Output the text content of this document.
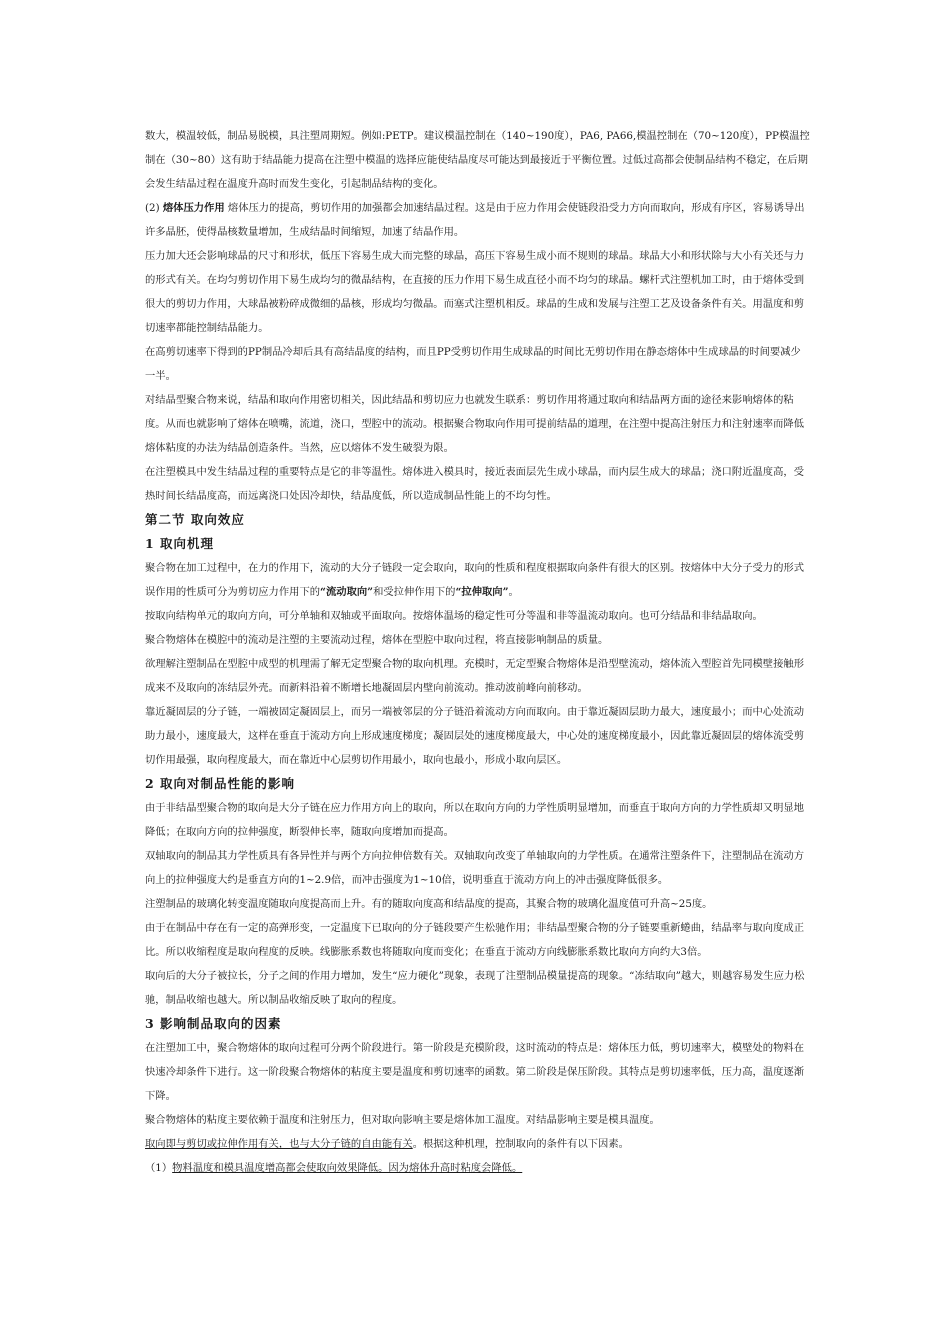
数大，模温较低，制品易脱模，具注塑周期短。例如:PETP。建议模温控制在（140~190度），PA6, PA66,模温控制在（70~120度），PP模温控制在（30~80）这有助于结晶能力提高在注塑中模温的选择应能使结晶度尽可能达到最接近于平衡位置。过低过高都会使制品结构不稳定，在后期会发生结晶过程在温度升高时而发生变化，引起制品结构的变化。

(2) 熔体压力作用 熔体压力的提高，剪切作用的加强都会加速结晶过程。这是由于应力作用会使链段沿受力方向而取向，形成有序区，容易诱导出许多晶胚，使得晶核数量增加，生成结晶时间缩短，加速了结晶作用。

压力加大还会影响球晶的尺寸和形状，低压下容易生成大而完整的球晶，高压下容易生成小而不规则的球晶。球晶大小和形状除与大小有关还与力的形式有关。在均匀剪切作用下易生成均匀的微晶结构，在直接的压力作用下易生成直径小而不均匀的球晶。螺杆式注塑机加工时，由于熔体受到很大的剪切力作用，大球晶被粉碎成微细的晶核，形成均匀微晶。而塞式注塑机相反。球晶的生成和发展与注塑工艺及设备条件有关。用温度和剪切速率都能控制结晶能力。

在高剪切速率下得到的PP制品冷却后具有高结晶度的结构，而且PP受剪切作用生成球晶的时间比无剪切作用在静态熔体中生成球晶的时间要减少一半。

对结晶型聚合物来说，结晶和取向作用密切相关，因此结晶和剪切应力也就发生联系：剪切作用将通过取向和结晶两方面的途径来影响熔体的粘度。从而也就影响了熔体在喷嘴，流道，浇口，型腔中的流动。根据聚合物取向作用可提前结晶的道理，在注塑中提高注射压力和注射速率而降低熔体粘度的办法为结晶创造条件。当然，应以熔体不发生破裂为限。

在注塑模具中发生结晶过程的重要特点是它的非等温性。熔体进入模具时，接近表面层先生成小球晶，而内层生成大的球晶；浇口附近温度高，受热时间长结晶度高，而远离浇口处因冷却快，结晶度低，所以造成制品性能上的不均匀性。

第二节 取向效应

1 取向机理

聚合物在加工过程中，在力的作用下，流动的大分子链段一定会取向，取向的性质和程度根据取向条件有很大的区别。按熔体中大分子受力的形式误作用的性质可分为剪切应力作用下的“流动取向”和受拉伸作用下的“拉伸取向”。

按取向结构单元的取向方向，可分单轴和双轴或平面取向。按熔体温场的稳定性可分等温和非等温流动取向。也可分结晶和非结晶取向。

聚合物熔体在模腔中的流动是注塑的主要流动过程，熔体在型腔中取向过程，将直接影响制品的质量。

欲理解注塑制品在型腔中成型的机理需了解无定型聚合物的取向机理。充模时，无定型聚合物熔体是沿型壁流动，熔体流入型腔首先同模壁接触形成来不及取向的冻结层外壳。而新料沿着不断增长地凝固层内壁向前流动。推动波前峰向前移动。

靠近凝固层的分子链，一端被固定凝固层上，而另一端被邻层的分子链沿着流动方向而取向。由于靠近凝固层助力最大，速度最小；而中心处流动助力最小，速度最大，这样在垂直于流动方向上形成速度梯度；凝固层处的速度梯度最大，中心处的速度梯度最小，因此靠近凝固层的熔体流受剪切作用最强，取向程度最大，而在靠近中心层剪切作用最小，取向也最小，形成小取向层区。

2 取向对制品性能的影响

由于非结晶型聚合物的取向是大分子链在应力作用方向上的取向，所以在取向方向的力学性质明显增加，而垂直于取向方向的力学性质却又明显地降低；在取向方向的拉伸强度，断裂伸长率，随取向度增加而提高。

双轴取向的制品其力学性质具有各异性并与两个方向拉伸倍数有关。双轴取向改变了单轴取向的力学性质。在通常注塑条件下，注塑制品在流动方向上的拉伸强度大约是垂直方向的1~2.9倍，而冲击强度为1~10倍，说明垂直于流动方向上的冲击强度降低很多。

注塑制品的玻璃化转变温度随取向度提高而上升。有的随取向度高和结晶度的提高，其聚合物的玻璃化温度值可升高~25度。

由于在制品中存在有一定的高弹形变，一定温度下已取向的分子链段要产生松驰作用；非结晶型聚合物的分子链要重新蜷曲，结晶率与取向度成正比。所以收缩程度是取向程度的反映。线膨胀系数也将随取向度而变化；在垂直于流动方向线膨胀系数比取向方向约大3倍。

取向后的大分子被拉长，分子之间的作用力增加，发生“应力硬化”现象，表现了注塑制品模量提高的现象。“冻结取向”越大，则越容易发生应力松驰，制品收缩也越大。所以制品收缩反映了取向的程度。

3 影响制品取向的因素

在注塑加工中，聚合物熔体的取向过程可分两个阶段进行。第一阶段是充模阶段，这时流动的特点是：熔体压力低，剪切速率大，模壁处的物料在快速冷却条件下进行。这一阶段聚合物熔体的粘度主要是温度和剪切速率的函数。第二阶段是保压阶段。其特点是剪切速率低，压力高，温度逐渐下降。

聚合物熔体的粘度主要依赖于温度和注射压力，但对取向影响主要是熔体加工温度。对结晶影响主要是模具温度。

取向即与剪切或拉伸作用有关，也与大分子链的自由能有关。根据这种机理，控制取向的条件有以下因素。

（1）物料温度和模具温度增高都会使取向效果降低。因为熔体升高时粘度会降低。
